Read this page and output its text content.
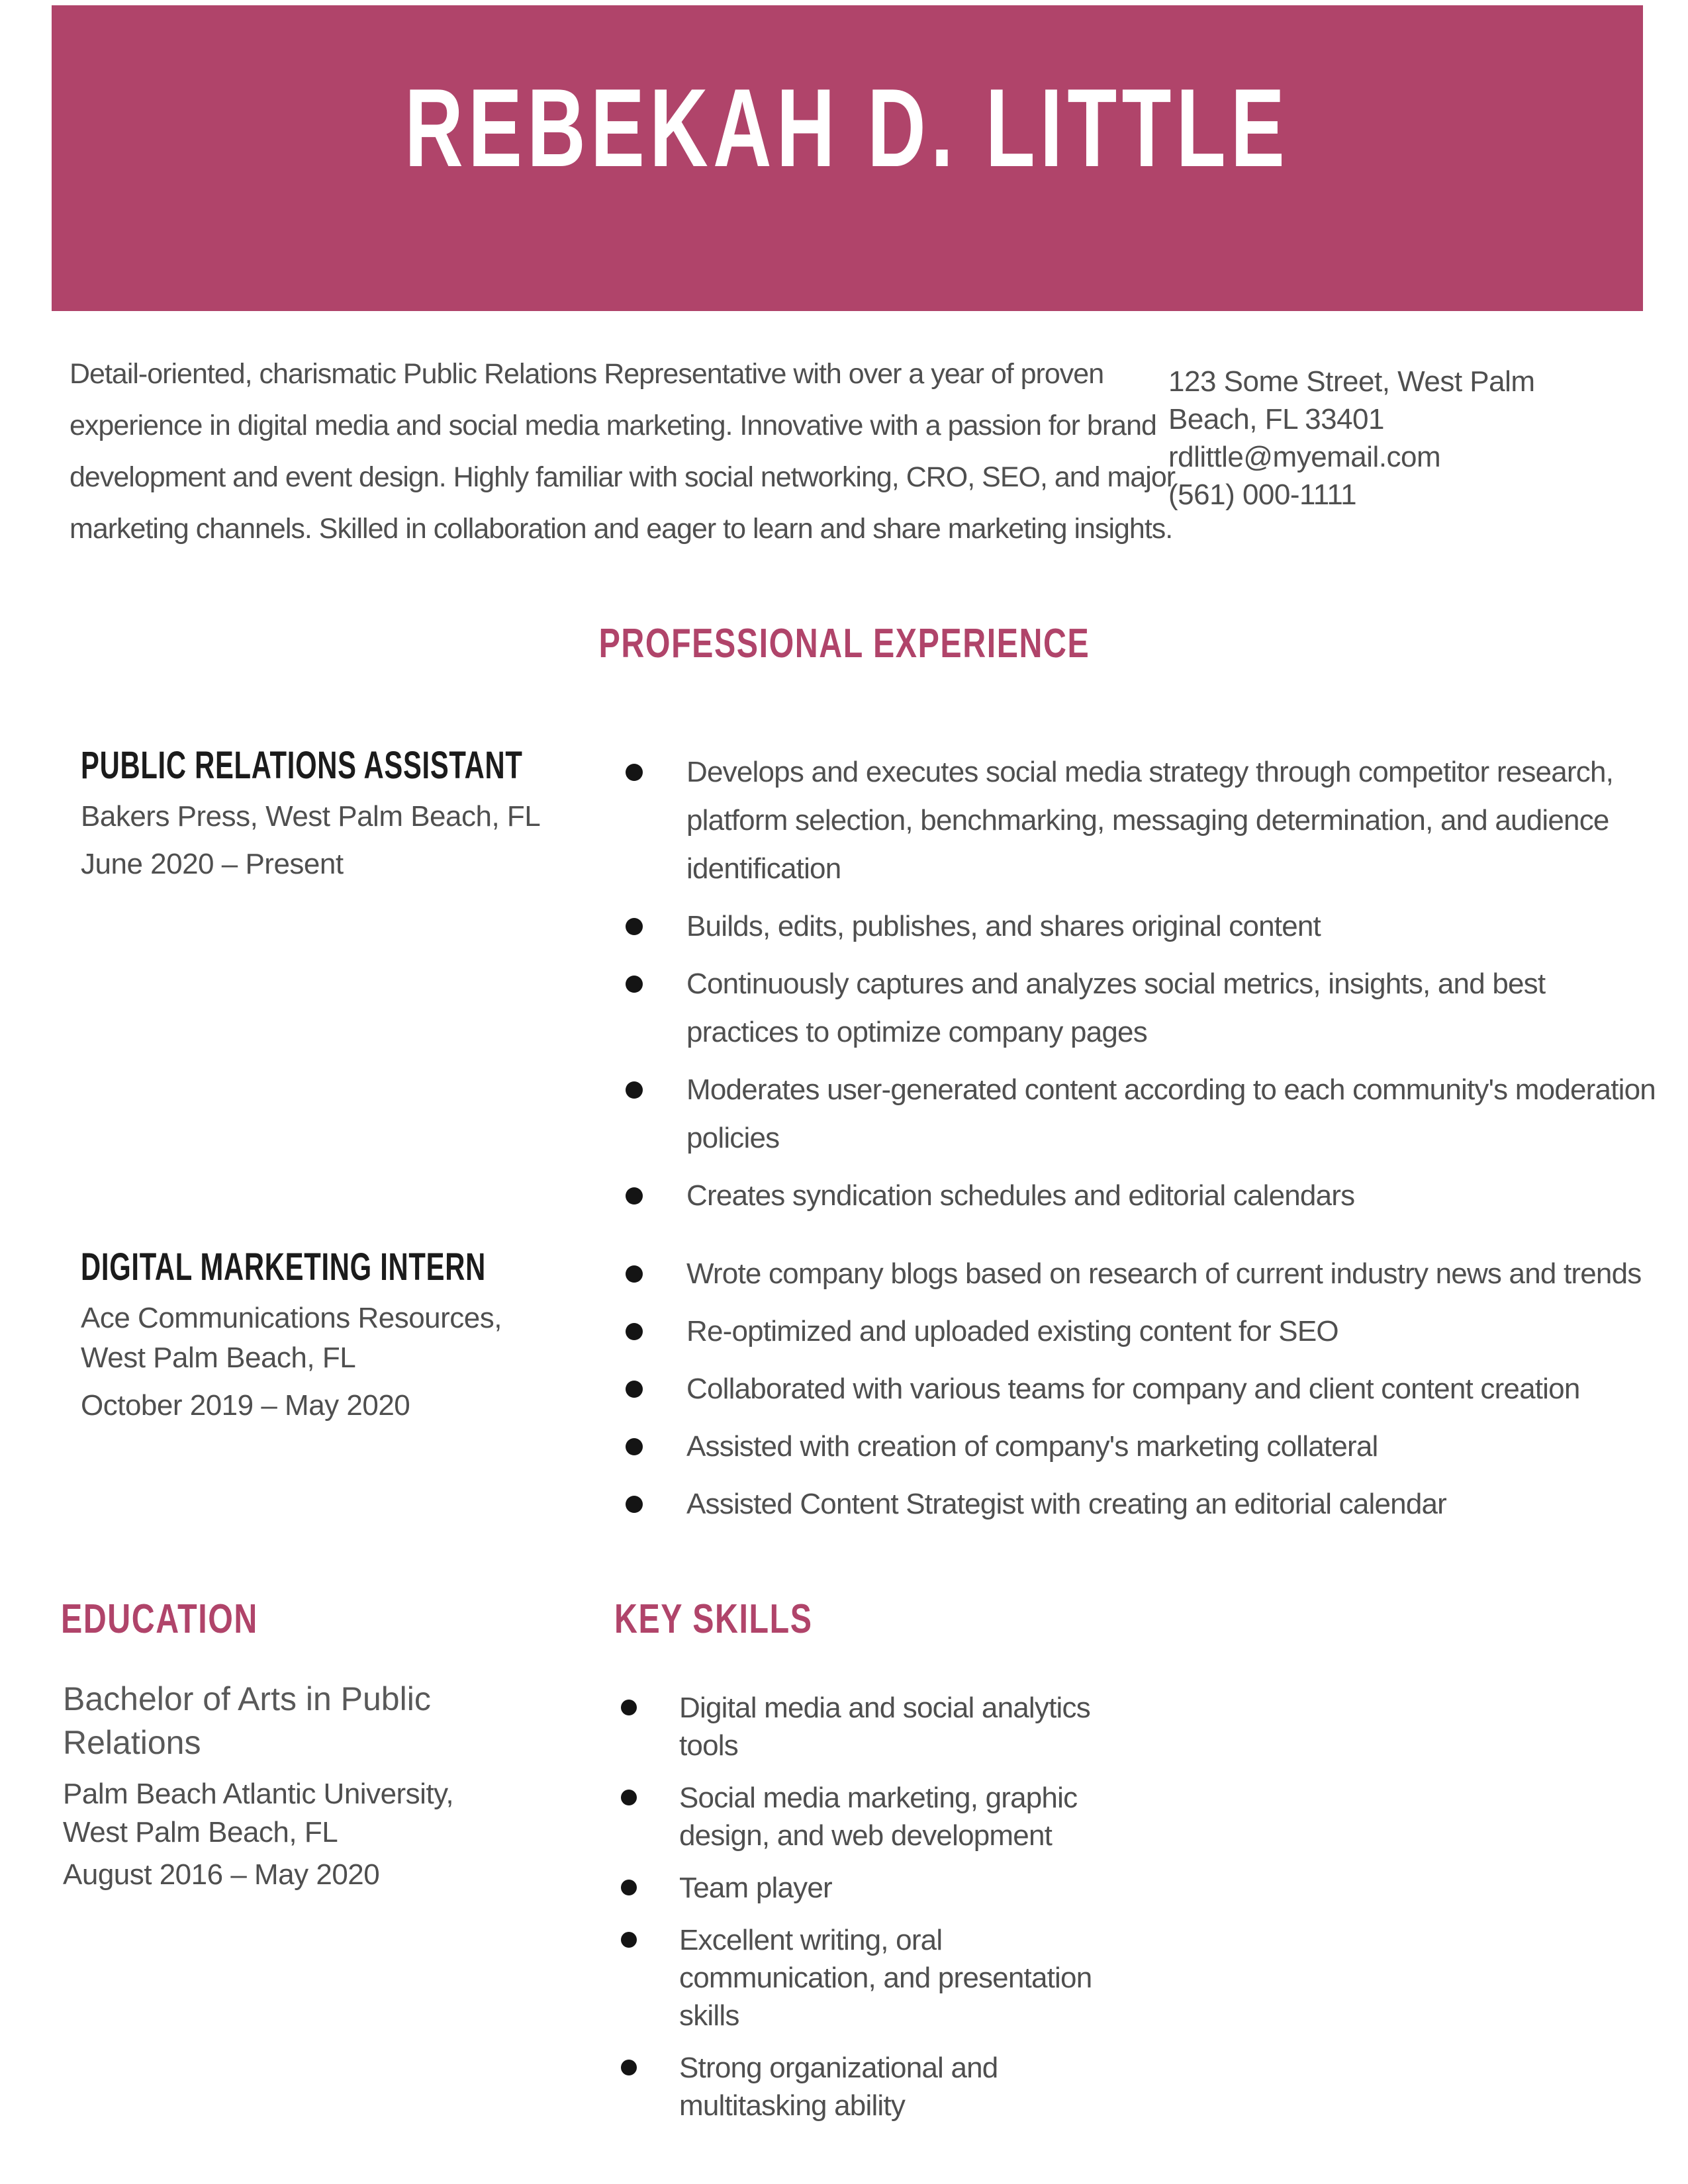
REBEKAH D. LITTLE
Detail-oriented, charismatic Public Relations Representative with over a year of proven experience in digital media and social media marketing. Innovative with a passion for brand development and event design. Highly familiar with social networking, CRO, SEO, and major marketing channels. Skilled in collaboration and eager to learn and share marketing insights.
123 Some Street, West Palm Beach, FL 33401
rdlittle@myemail.com
(561) 000-1111
PROFESSIONAL EXPERIENCE
PUBLIC RELATIONS ASSISTANT
Bakers Press, West Palm Beach, FL
June 2020 – Present
Develops and executes social media strategy through competitor research, platform selection, benchmarking, messaging determination, and audience identification
Builds, edits, publishes, and shares original content
Continuously captures and analyzes social metrics, insights, and best practices to optimize company pages
Moderates user-generated content according to each community's moderation policies
Creates syndication schedules and editorial calendars
DIGITAL MARKETING INTERN
Ace Communications Resources, West Palm Beach, FL
October 2019 – May 2020
Wrote company blogs based on research of current industry news and trends
Re-optimized and uploaded existing content for SEO
Collaborated with various teams for company and client content creation
Assisted with creation of company's marketing collateral
Assisted Content Strategist with creating an editorial calendar
EDUCATION	KEY SKILLS
Bachelor of Arts in Public Relations
Palm Beach Atlantic University, West Palm Beach, FL
August 2016 – May 2020
Digital media and social analytics tools
Social media marketing, graphic design, and web development
Team player
Excellent writing, oral communication, and presentation skills
Strong organizational and multitasking ability
